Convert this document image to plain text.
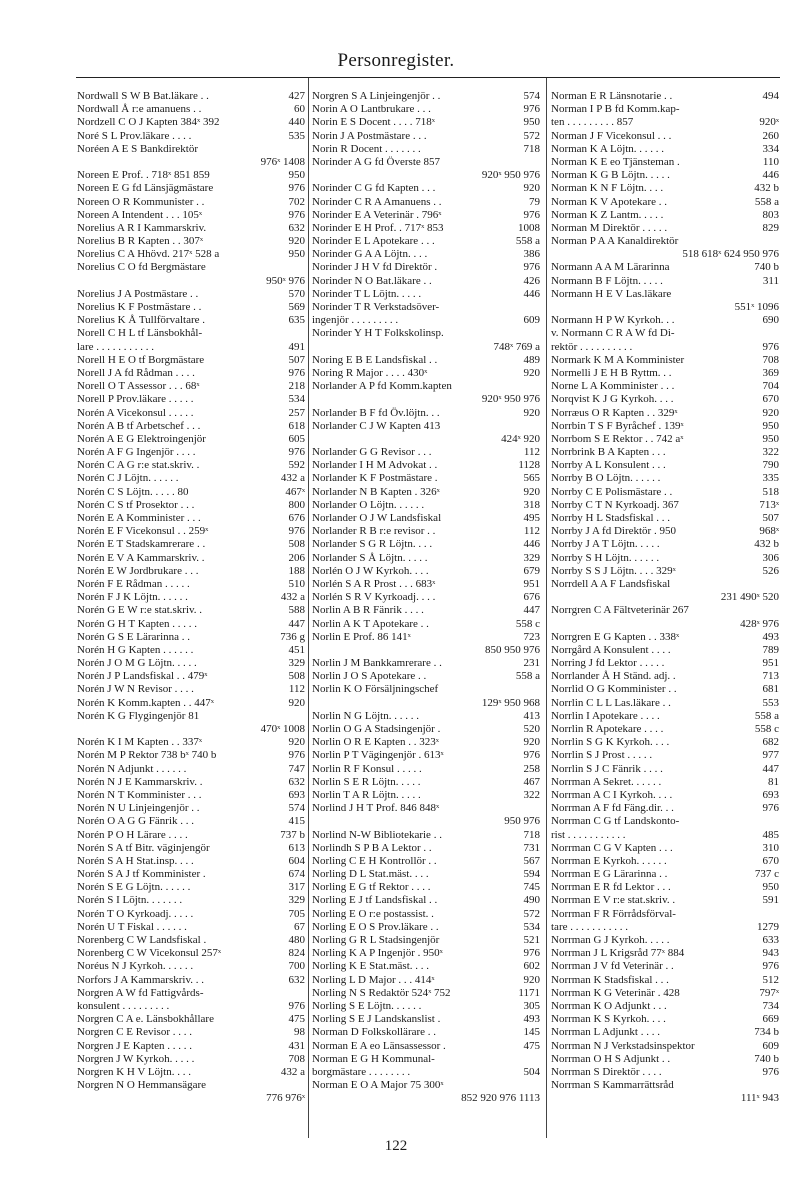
Personregister.
Nordwall S W B Bat.läkare . .	427
Nordwall Å r:e amanuens . .	60
Nordzell C O J Kapten 384ˣ 392	440
Noré S L Prov.läkare . . . .	535
Noréen A E S Bankdirektör
976ˣ 1408
Noreen E Prof. . 718ˣ 851 859	950
Noreen E G fd Länsjägmästare	976
Noreen O R Kommunister . .	702
Noreen A Intendent . . . 105ˣ	976
Norelius A R I Kammarskriv.	632
Norelius B R Kapten . . 307ˣ	920
Norelius C A Hhövd. 217ˣ 528 a	950
Norelius C O fd Bergmästare
950ˣ 976
Norelius J A Postmästare . .	570
Norelius K F Postmästare . .	569
Norelius K Å Tullförvaltare .	635
Norell C H L tf Länsbokhål-
lare . . . . . . . . . . .	491
Norell H E O tf Borgmästare	507
Norell J A fd Rådman . . . .	976
Norell O T Assessor . . . 68ˣ	218
Norell P Prov.läkare . . . . .	534
Norén A Vicekonsul . . . . .	257
Norén A B tf Arbetschef . . .	618
Norén A E G Elektroingenjör	605
Norén A F G Ingenjör . . . .	976
Norén C A G r:e stat.skriv. .	592
Norén C J Löjtn. . . . . .	432 a
Norén C S Löjtn. . . . . 80	467ˣ
Norén C S tf Prosektor . . .	800
Norén E A Komminister . . .	676
Norén E F Vicekonsul . . 259ˣ	976
Norén E T Stadskamrerare . .	508
Norén E V A Kammarskriv. .	206
Norén E W Jordbrukare . . .	188
Norén F E Rådman . . . . .	510
Norén F J K Löjtn. . . . . .	432 a
Norén G E W r:e stat.skriv. .	588
Norén G H T Kapten . . . . .	447
Norén G S E Lärarinna . .	736 g
Norén H G Kapten . . . . . .	451
Norén J O M G Löjtn. . . . .	329
Norén J P Landsfiskal . . 479ˣ	508
Norén J W N Revisor . . . .	112
Norén K Komm.kapten . . 447ˣ	920
Norén K G Flygingenjör 81
470ˣ 1008
Norén K I M Kapten . . 337ˣ	920
Norén M P Rektor 738 bˣ 740 b	976
Norén N Adjunkt . . . . . .	747
Norén N J E Kammarskriv. .	632
Norén N T Komminister . . .	693
Norén N U Linjeingenjör . .	574
Norén O A G G Fänrik . . .	415
Norén P O H Lärare . . . .	737 b
Norén S A tf Bitr. väginjengör	613
Norén S A H Stat.insp. . . .	604
Norén S A J tf Komminister .	674
Norén S E G Löjtn. . . . . .	317
Norén S I Löjtn. . . . . . .	329
Norén T O Kyrkoadj. . . . .	705
Norén U T Fiskal . . . . . .	67
Norenberg C W Landsfiskal .	480
Norenberg C W Vicekonsul 257ˣ	824
Noréus N J Kyrkoh. . . . . .	700
Norfors J A Kammarskriv. . .	632
Norgren A W fd Fattigvårds-
konsulent . . . . . . . . .	976
Norgren C A e. Länsbokhållare	475
Norgren C E Revisor . . . .	98
Norgren J E Kapten . . . . .	431
Norgren J W Kyrkoh. . . . .	708
Norgren K H V Löjtn. . . .	432 a
Norgren N O Hemmansägare
776 976ˣ
Norgren S A Linjeingenjör . .	574
Norin A O Lantbrukare . . .	976
Norin E S Docent . . . . 718ˣ	950
Norin J A Postmästare . . .	572
Norin R Docent . . . . . . .	718
Norinder A G fd Överste 857
920ˣ 950 976
Norinder C G fd Kapten . . .	920
Norinder C R A Amanuens . .	79
Norinder E A Veterinär . 796ˣ	976
Norinder E H Prof. . 717ˣ 853	1008
Norinder E L Apotekare . . .	558 a
Norinder G A A Löjtn. . . .	386
Norinder J H V fd Direktör .	976
Norinder N O Bat.läkare . .	426
Norinder T L Löjtn. . . . .	446
Norinder T R Verkstadsöver-
ingenjör . . . . . . . . .	609
Norinder Y H T Folkskolinsp.
748ˣ 769 a
Noring E B E Landsfiskal . .	489
Noring R Major . . . . 430ˣ	920
Norlander A P fd Komm.kapten
920ˣ 950 976
Norlander B F fd Öv.löjtn. . .	920
Norlander C J W Kapten 413
424ˣ 920
Norlander G G Revisor . . .	112
Norlander I H M Advokat . .	1128
Norlander K F Postmästare .	565
Norlander N B Kapten . 326ˣ	920
Norlander O Löjtn. . . . . .	318
Norlander O J W Landsfiskal	495
Norlander R B r:e revisor . .	112
Norlander S G R Löjtn. . . .	446
Norlander S Å Löjtn. . . . .	329
Norlén O J W Kyrkoh. . . .	679
Norlén S A R Prost . . . 683ˣ	951
Norlén S R V Kyrkoadj. . . .	676
Norlin A B R Fänrik . . . .	447
Norlin A K T Apotekare . .	558 c
Norlin E Prof. 86 141ˣ	723
850 950 976
Norlin J M Bankkamrerare . .	231
Norlin J O S Apotekare . .	558 a
Norlin K O Försäljningschef
129ˣ 950 968
Norlin N G Löjtn. . . . . .	413
Norlin O G A Stadsingenjör .	520
Norlin O R E Kapten . . 323ˣ	920
Norlin P T Vägingenjör . 613ˣ	976
Norlin R F Konsul . . . . .	258
Norlin S E R Löjtn. . . . .	467
Norlin T A R Löjtn. . . . .	322
Norlind J H T Prof. 846 848ˣ
950 976
Norlind N-W Bibliotekarie . .	718
Norlindh S P B A Lektor . .	731
Norling C E H Kontrollör . .	567
Norling D L Stat.mäst. . . .	594
Norling E G tf Rektor . . . .	745
Norling E J tf Landsfiskal . .	490
Norling E O r:e postassist. .	572
Norling E O S Prov.läkare . .	534
Norling G R L Stadsingenjör	521
Norling K A P Ingenjör . 950ˣ	976
Norling K E Stat.mäst. . . .	602
Norling L D Major . . . 414ˣ	920
Norling N S Redaktör 524ˣ 752	1171
Norling S E Löjtn. . . . . .	305
Norling S E J Landskanslist .	493
Norman D Folkskollärare . .	145
Norman E A eo Länsassessor .	475
Norman E G H Kommunal-
borgmästare . . . . . . . .	504
Norman E O A Major 75 300ˣ
852 920 976 1113
Norman E R Länsnotarie . .	494
Norman I P B fd Komm.kap-
ten . . . . . . . . . 857	920ˣ
Norman J F Vicekonsul . . .	260
Norman K A Löjtn. . . . . .	334
Norman K E eo Tjänsteman .	110
Norman K G B Löjtn. . . . .	446
Norman K N F Löjtn. . . .	432 b
Norman K V Apotekare . .	558 a
Norman K Z Lantm. . . . .	803
Norman M Direktör . . . . .	829
Norman P A A Kanaldirektör
518 618ˣ 624 950 976
Normann A A M Lärarinna	740 b
Normann B F Löjtn. . . . .	311
Normann H E V Las.läkare
551ˣ 1096
Normann H P W Kyrkoh. . .	690
v. Normann C R A W fd Di-
rektör . . . . . . . . . .	976
Normark K M A Komminister	708
Normelli J E H B Ryttm. . .	369
Norne L A Komminister . . .	704
Norqvist K J G Kyrkoh. . . .	670
Norræus O R Kapten . . 329ˣ	920
Norrbin T S F Byråchef . 139ˣ	950
Norrbom S E Rektor . . 742 aˣ	950
Norrbrink B A Kapten . . .	322
Norrby A L Konsulent . . .	790
Norrby B O Löjtn. . . . . .	335
Norrby C E Polismästare . .	518
Norrby C T N Kyrkoadj. 367	713ˣ
Norrby H L Stadsfiskal . . .	507
Norrby J A fd Direktör . 950	968ˣ
Norrby J A T Löjtn. . . . .	432 b
Norrby S H Löjtn. . . . . .	306
Norrby S S J Löjtn. . . . 329ˣ	526
Norrdell A A F Landsfiskal
231 490ˣ 520
Norrgren C A Fältveterinär 267
428ˣ 976
Norrgren E G Kapten . . 338ˣ	493
Norrgård A Konsulent . . . .	789
Norring J fd Lektor . . . . .	951
Norrlander Å H Ständ. adj. .	713
Norrlid O G Komminister . .	681
Norrlin C L L Las.läkare . .	553
Norrlin I Apotekare . . . .	558 a
Norrlin R Apotekare . . . .	558 c
Norrlin S G K Kyrkoh. . . .	682
Norrlin S J Prost . . . . .	977
Norrlin S J C Fänrik . . . .	447
Norrman A Sekret. . . . . .	81
Norrman A C I Kyrkoh. . . .	693
Norrman A F fd Fäng.dir. . .	976
Norrman C G tf Landskonto-
rist . . . . . . . . . . .	485
Norrman C G V Kapten . . .	310
Norrman E Kyrkoh. . . . . .	670
Norrman E G Lärarinna . .	737 c
Norrman E R fd Lektor . . .	950
Norrman E V r:e stat.skriv. .	591
Norrman F R Förrådsförval-
tare . . . . . . . . . . .	1279
Norrman G J Kyrkoh. . . . .	633
Norrman J L Krigsråd 77ˣ 884	943
Norrman J V fd Veterinär . .	976
Norrman K Stadsfiskal . . .	512
Norrman K G Veterinär . 428	797ˣ
Norrman K O Adjunkt . . .	734
Norrman K S Kyrkoh. . . .	669
Norrman L Adjunkt . . . .	734 b
Norrman N J Verkstadsinspektor	609
Norrman O H S Adjunkt . .	740 b
Norrman S Direktör . . . .	976
Norrman S Kammarrättsråd
111ˣ 943
122
